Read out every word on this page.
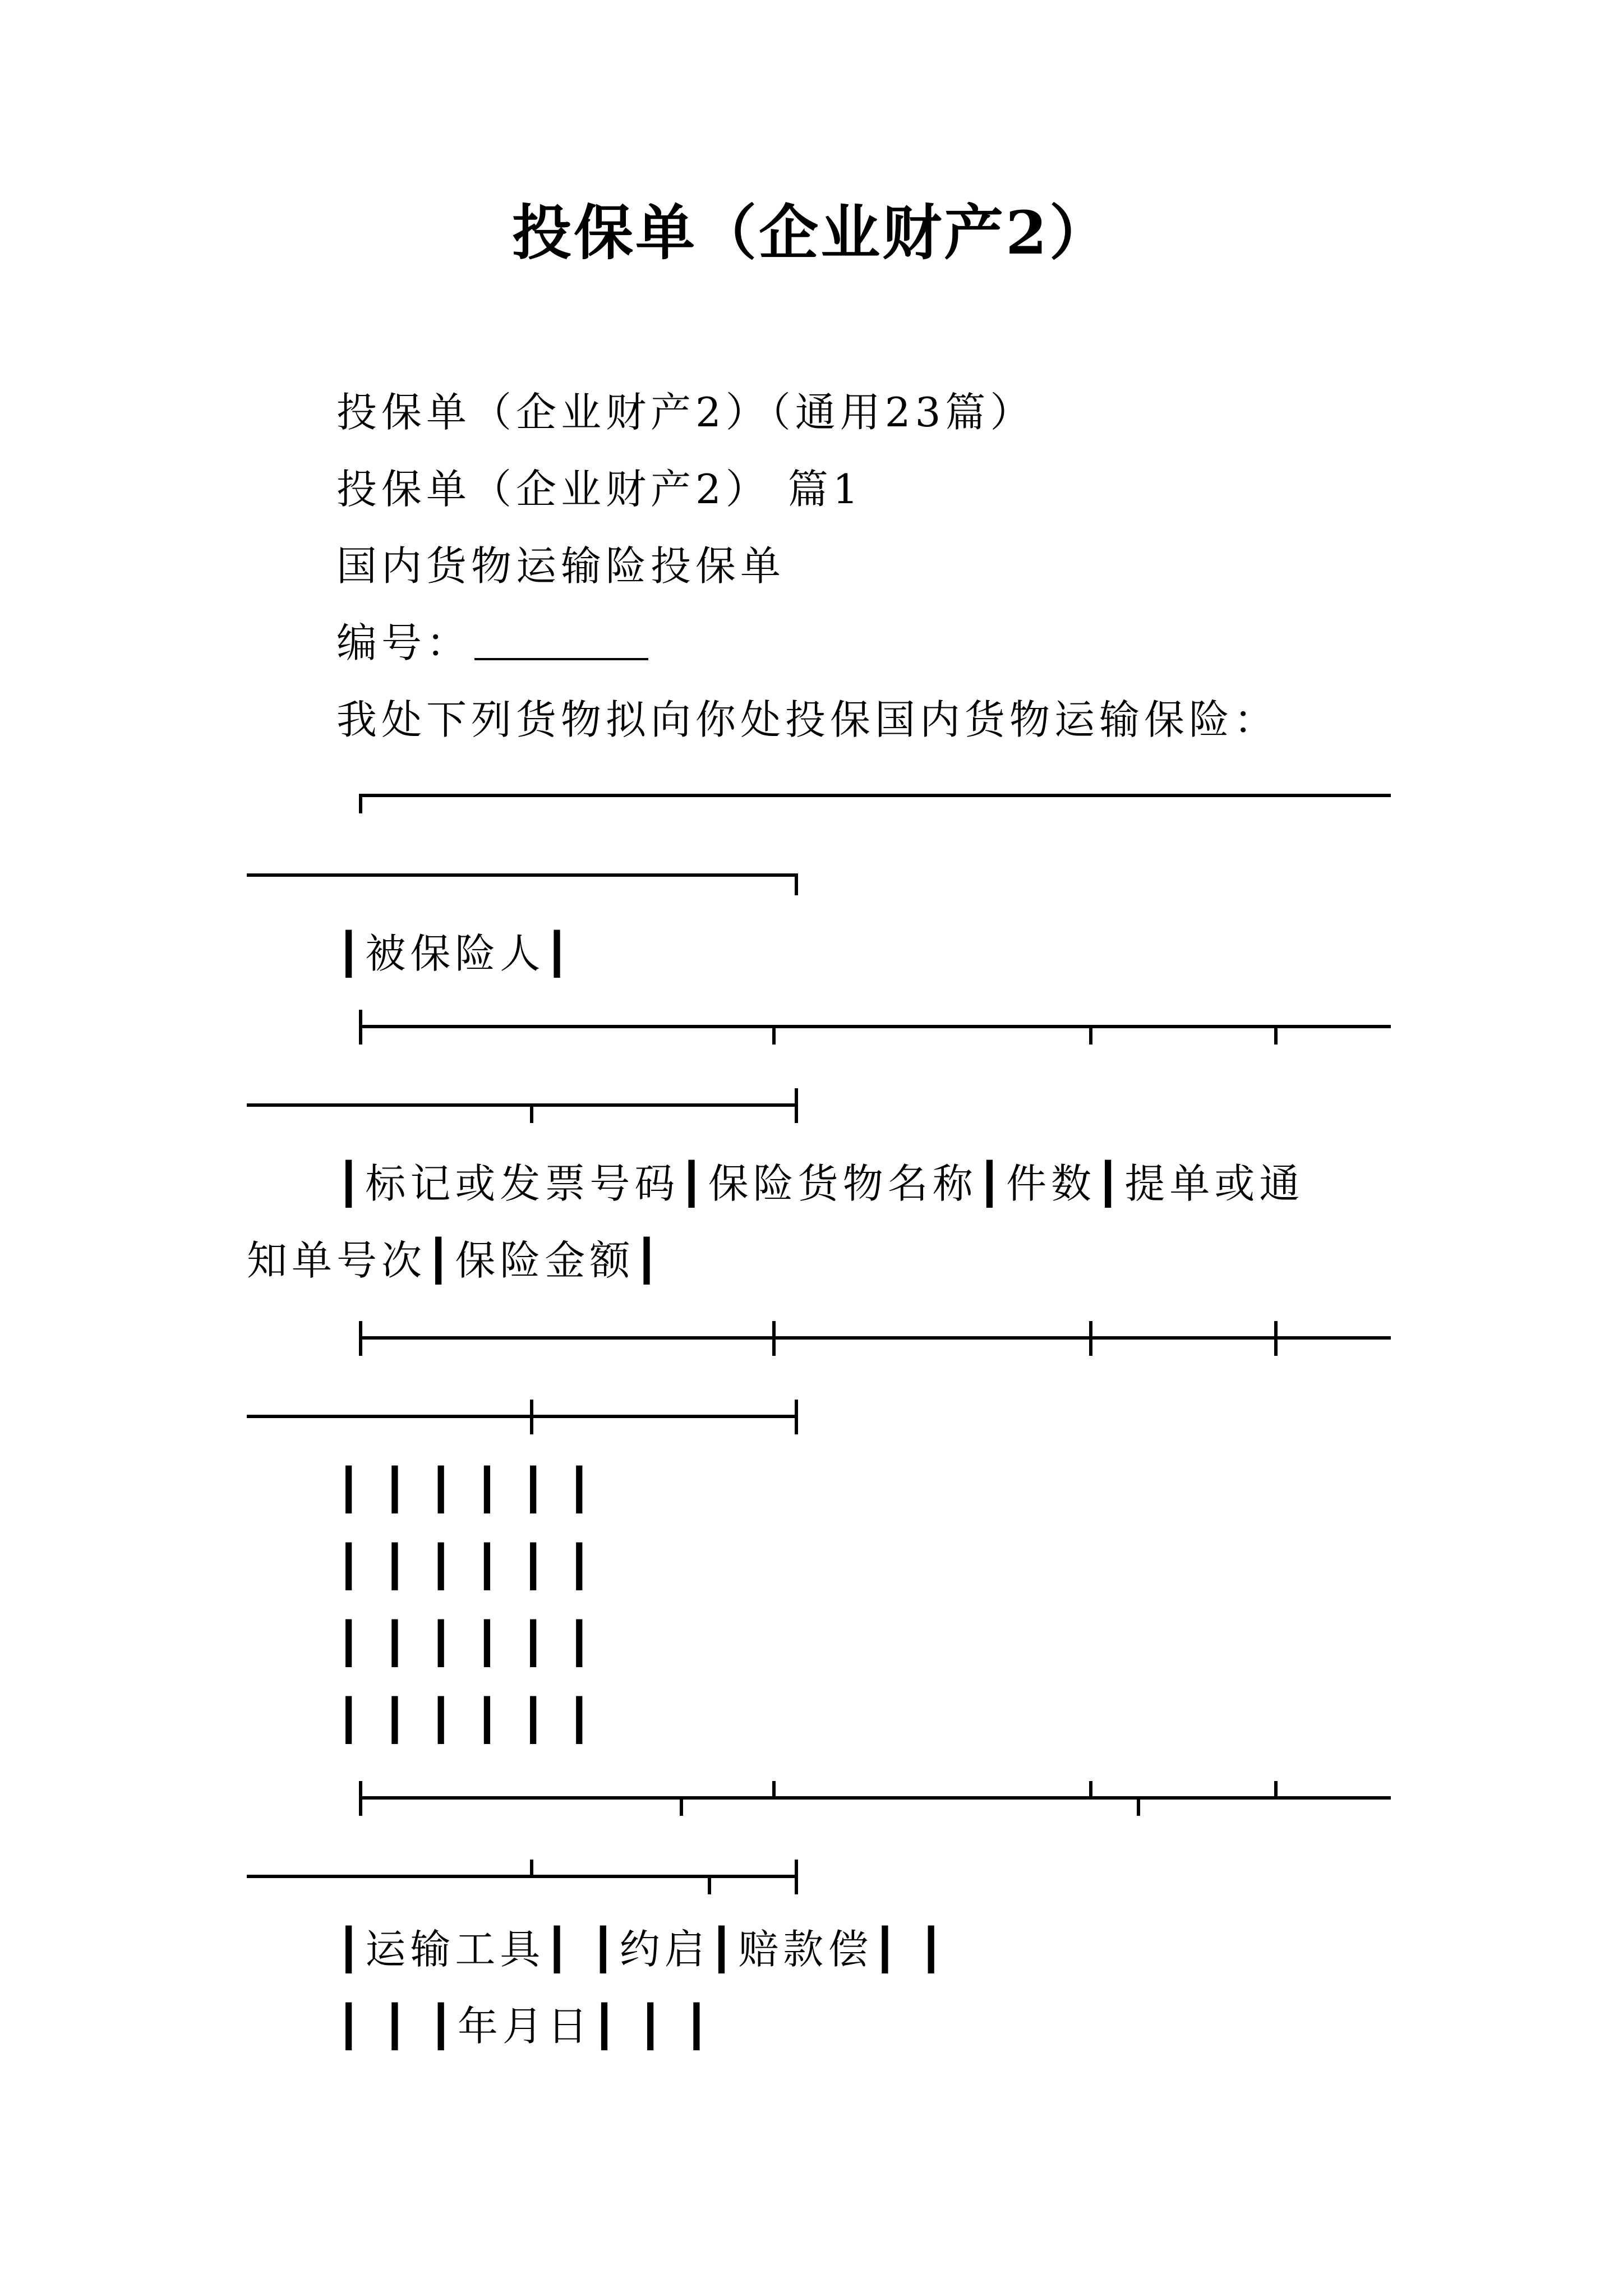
投保单（企业财产2）
投保单（企业财产2）（通用23篇）
投保单（企业财产2） 篇1
国内货物运输险投保单
编号：
我处下列货物拟向你处投保国内货物运输保险：
┃被保险人┃
┃标记或发票号码┃保险货物名称┃件数┃提单或通
知单号次┃保险金额┃
┃ ┃ ┃ ┃ ┃ ┃
┃ ┃ ┃ ┃ ┃ ┃
┃ ┃ ┃ ┃ ┃ ┃
┃ ┃ ┃ ┃ ┃ ┃
┃运输工具┃ ┃约启┃赔款偿┃ ┃
┃ ┃ ┃年月日┃ ┃ ┃
